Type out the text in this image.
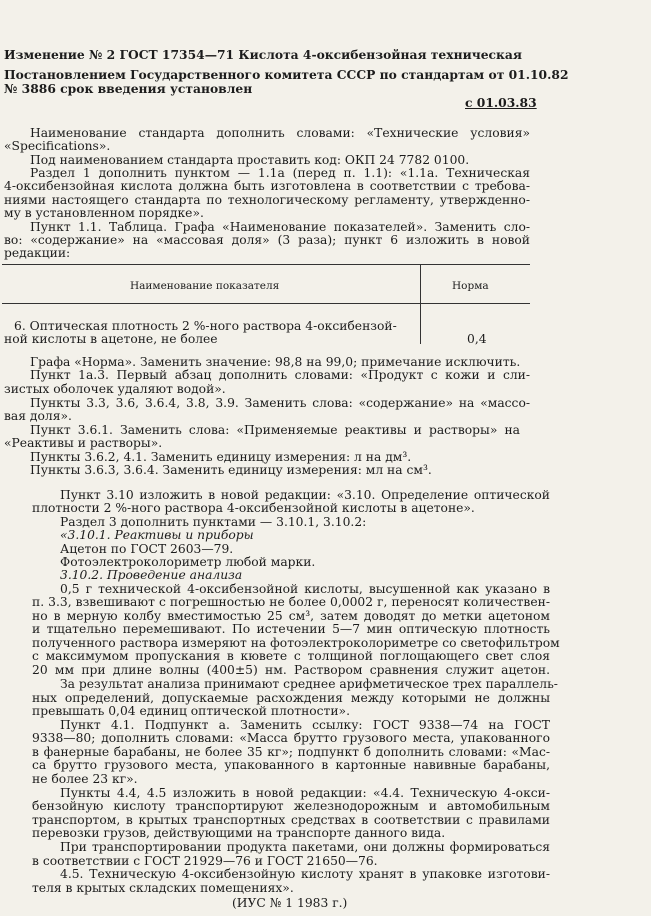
Изменение № 2 ГОСТ 17354—71 Кислота 4-оксибензойная техническая
Постановлением Государственного комитета СССР по стандартам от 01.10.82
№ 3886 срок введения установлен
с 01.03.83
Наименование стандарта дополнить словами: «Технические условия»
«Specifications».
Под наименованием стандарта проставить код: ОКП 24 7782 0100.
Раздел 1 дополнить пунктом — 1.1а (перед п. 1.1): «1.1а. Техническая
4-оксибензойная кислота должна быть изготовлена в соответствии с требова-
ниями настоящего стандарта по технологическому регламенту, утвержденно-
му в установленном порядке».
Пункт 1.1. Таблица. Графа «Наименование показателей». Заменить сло-
во: «содержание» на «массовая доля» (3 раза); пункт 6 изложить в новой
редакции:
Наименование показателя	Норма
6. Оптическая плотность 2 %-ного раствора 4-оксибензой-
ной кислоты в ацетоне, не более	0,4
Графа «Норма». Заменить значение: 98,8 на 99,0; примечание исключить.
Пункт 1а.3. Первый абзац дополнить словами: «Продукт с кожи и сли-
зистых оболочек удаляют водой».
Пункты 3.3, 3.6, 3.6.4, 3.8, 3.9. Заменить слова: «содержание» на «массо-
вая доля».
Пункт 3.6.1. Заменить слова: «Применяемые реактивы и растворы» на
«Реактивы и растворы».
Пункты 3.6.2, 4.1. Заменить единицу измерения: л на дм³.
Пункты 3.6.3, 3.6.4. Заменить единицу измерения: мл на см³.
Пункт 3.10 изложить в новой редакции: «3.10. Определение оптической
плотности 2 %-ного раствора 4-оксибензойной кислоты в ацетоне».
Раздел 3 дополнить пунктами — 3.10.1, 3.10.2:
«3.10.1. Реактивы и приборы
Ацетон по ГОСТ 2603—79.
Фотоэлектроколориметр любой марки.
3.10.2. Проведение анализа
0,5 г технической 4-оксибензойной кислоты, высушенной как указано в
п. 3.3, взвешивают с погрешностью не более 0,0002 г, переносят количествен-
но в мерную колбу вместимостью 25 см³, затем доводят до метки ацетоном
и тщательно перемешивают. По истечении 5—7 мин оптическую плотность
полученного раствора измеряют на фотоэлектроколориметре со светофильтром
с максимумом пропускания в кювете с толщиной поглощающего свет слоя
20 мм при длине волны (400±5) нм. Раствором сравнения служит ацетон.
За результат анализа принимают среднее арифметическое трех параллель-
ных определений, допускаемые расхождения между которыми не должны
превышать 0,04 единиц оптической плотности».
Пункт 4.1. Подпункт а. Заменить ссылку: ГОСТ 9338—74 на ГОСТ
9338—80; дополнить словами: «Масса брутто грузового места, упакованного
в фанерные барабаны, не более 35 кг»; подпункт б дополнить словами: «Мас-
са брутто грузового места, упакованного в картонные навивные барабаны,
не более 23 кг».
Пункты 4.4, 4.5 изложить в новой редакции: «4.4. Техническую 4-окси-
бензойную кислоту транспортируют железнодорожным и автомобильным
транспортом, в крытых транспортных средствах в соответствии с правилами
перевозки грузов, действующими на транспорте данного вида.
При транспортировании продукта пакетами, они должны формироваться
в соответствии с ГОСТ 21929—76 и ГОСТ 21650—76.
4.5. Техническую 4-оксибензойную кислоту хранят в упаковке изготови-
теля в крытых складских помещениях».
(ИУС № 1 1983 г.)
